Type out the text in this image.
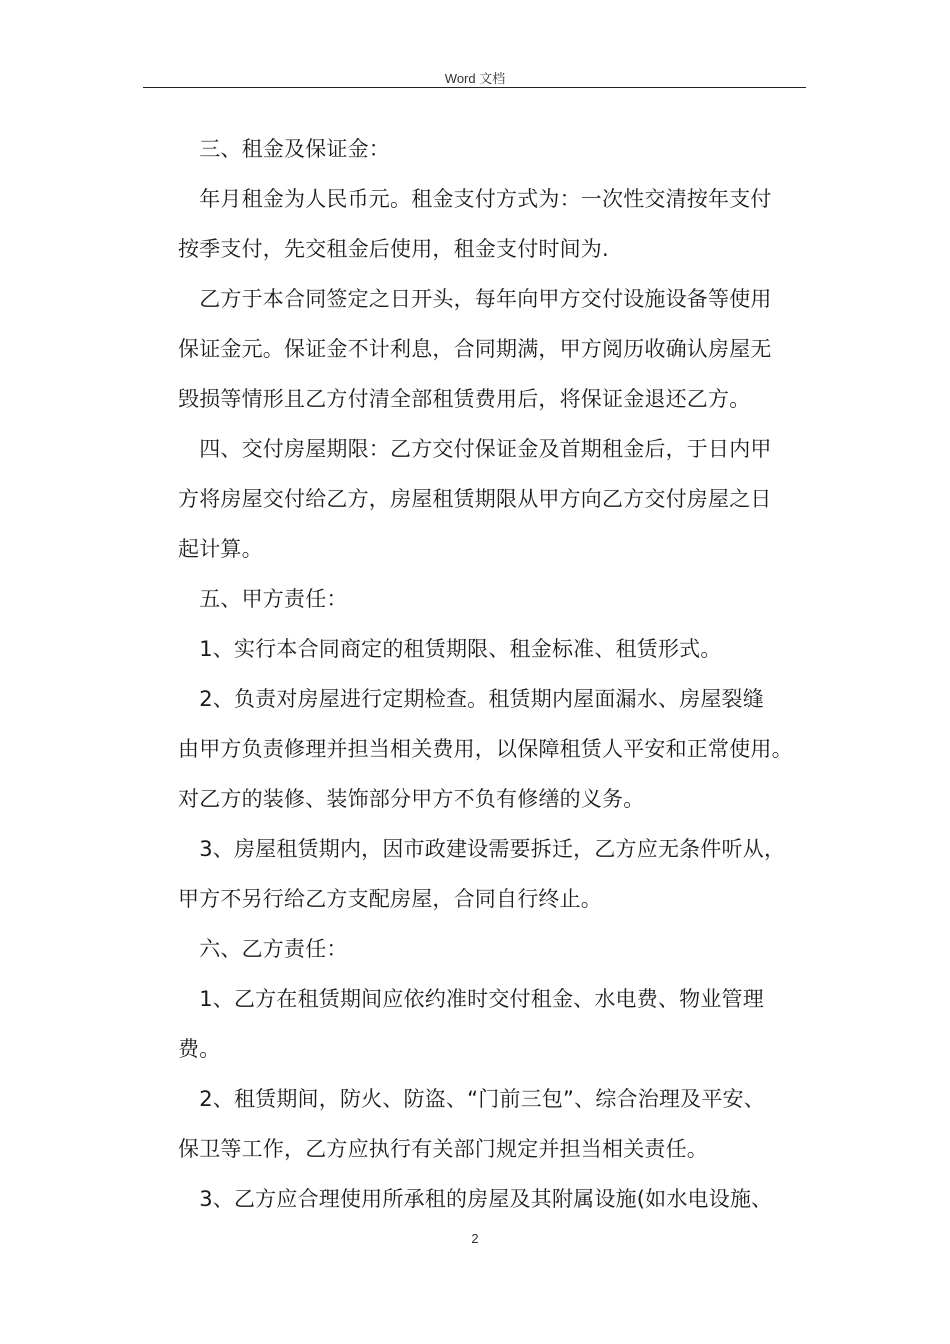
Word 文档
　三、租金及保证金：
　年月租金为人民币元。租金支付方式为：一次性交清按年支付
按季支付，先交租金后使用，租金支付时间为.
　乙方于本合同签定之日开头，每年向甲方交付设施设备等使用
保证金元。保证金不计利息，合同期满，甲方阅历收确认房屋无
毁损等情形且乙方付清全部租赁费用后，将保证金退还乙方。
　四、交付房屋期限：乙方交付保证金及首期租金后，于日内甲
方将房屋交付给乙方，房屋租赁期限从甲方向乙方交付房屋之日
起计算。
　五、甲方责任：
　1、实行本合同商定的租赁期限、租金标准、租赁形式。
　2、负责对房屋进行定期检查。租赁期内屋面漏水、房屋裂缝
由甲方负责修理并担当相关费用，以保障租赁人平安和正常使用。
对乙方的装修、装饰部分甲方不负有修缮的义务。
　3、房屋租赁期内，因市政建设需要拆迁，乙方应无条件听从，
甲方不另行给乙方支配房屋，合同自行终止。
　六、乙方责任：
　1、乙方在租赁期间应依约准时交付租金、水电费、物业管理
费。
　2、租赁期间，防火、防盗、“门前三包”、综合治理及平安、
保卫等工作，乙方应执行有关部门规定并担当相关责任。
　3、乙方应合理使用所承租的房屋及其附属设施(如水电设施、
2
